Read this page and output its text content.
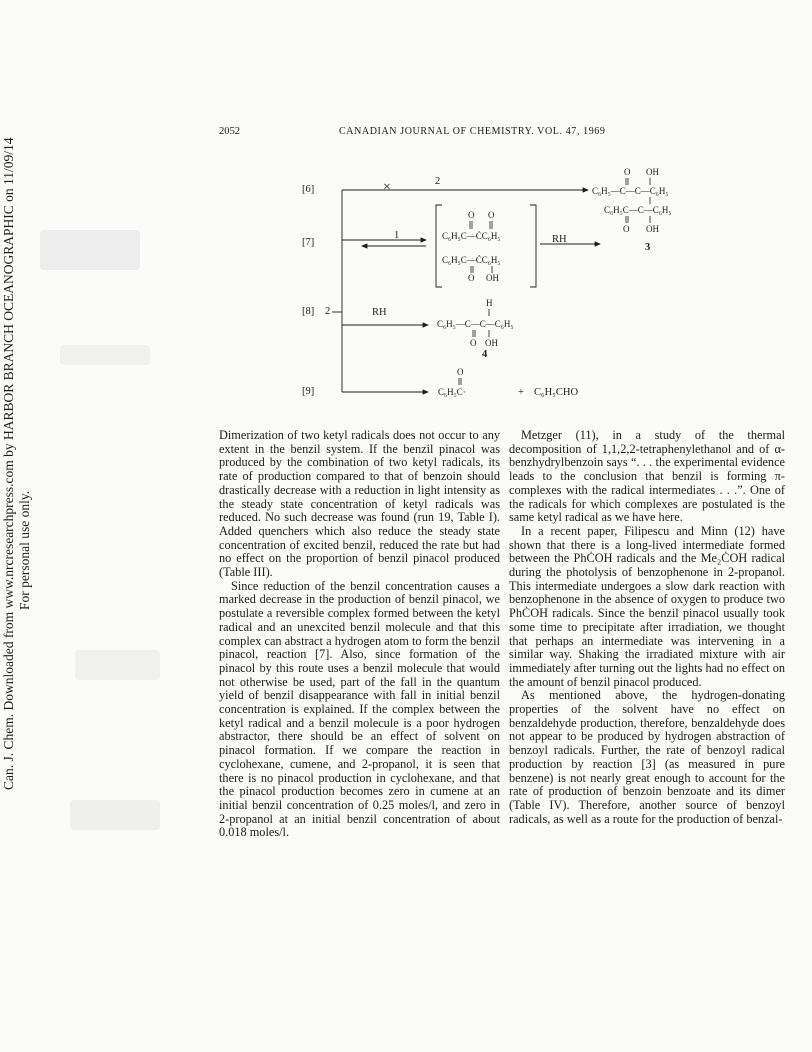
Can. J. Chem. Downloaded from www.nrcresearchpress.com by HARBOR BRANCH OCEANOGRAPHIC on 11/09/14 For personal use only.
2052	CANADIAN JOURNAL OF CHEMISTRY. VOL. 47, 1969
[6]
[7]
[8] 2
[9]
2
×
1	RH
RH
3
4
+ C₆H₅CHO
O O
C₆H₅C—ĊC₆H₅
C₆H₅C—ĊC₆H₅
O OH
O OH
C₆H₅—C—C—C₆H₅
C₆H₅C—C—C₆H₅
O OH
H
C₆H₅—C—C—C₆H₅
O OH
O
C₆H₅C·

Dimerization of two ketyl radicals does not occur to any extent in the benzil system. If the benzil pinacol was produced by the combination of two ketyl radicals, its rate of production compared to that of benzoin should drastically decrease with a reduction in light intensity as the steady state concentration of ketyl radicals was reduced. No such decrease was found (run 19, Table I). Added quenchers which also reduce the steady state concentration of excited benzil, reduced the rate but had no effect on the proportion of benzil pinacol produced (Table III).

Since reduction of the benzil concentration causes a marked decrease in the production of benzil pinacol, we postulate a reversible complex formed between the ketyl radical and an unexcited benzil molecule and that this complex can abstract a hydrogen atom to form the benzil pinacol, reaction [7]. Also, since formation of the pinacol by this route uses a benzil molecule that would not otherwise be used, part of the fall in the quantum yield of benzil disappearance with fall in initial benzil concentration is explained. If the complex between the ketyl radical and a benzil molecule is a poor hydrogen abstractor, there should be an effect of solvent on pinacol formation. If we compare the reaction in cyclohexane, cumene, and 2-propanol, it is seen that there is no pinacol production in cyclohexane, and that the pinacol production becomes zero in cumene at an initial benzil concentration of 0.25 moles/l, and zero in 2-propanol at an initial benzil concentration of about 0.018 moles/l.

Metzger (11), in a study of the thermal decomposition of 1,1,2,2-tetraphenylethanol and of α-benzhydrylbenzoin says “. . . the experimental evidence leads to the conclusion that benzil is forming π-complexes with the radical intermediates . . .”. One of the radicals for which complexes are postulated is the same ketyl radical as we have here.

In a recent paper, Filipescu and Minn (12) have shown that there is a long-lived intermediate formed between the PhĊOH radicals and the Me₂ĊOH radical during the photolysis of benzophenone in 2-propanol. This intermediate undergoes a slow dark reaction with benzophenone in the absence of oxygen to produce two PhĊOH radicals. Since the benzil pinacol usually took some time to precipitate after irradiation, we thought that perhaps an intermediate was intervening in a similar way. Shaking the irradiated mixture with air immediately after turning out the lights had no effect on the amount of benzil pinacol produced.

As mentioned above, the hydrogen-donating properties of the solvent have no effect on benzaldehyde production, therefore, benzaldehyde does not appear to be produced by hydrogen abstraction of benzoyl radicals. Further, the rate of benzoyl radical production by reaction [3] (as measured in pure benzene) is not nearly great enough to account for the rate of production of benzoin benzoate and its dimer (Table IV). Therefore, another source of benzoyl radicals, as well as a route for the production of benzal-
